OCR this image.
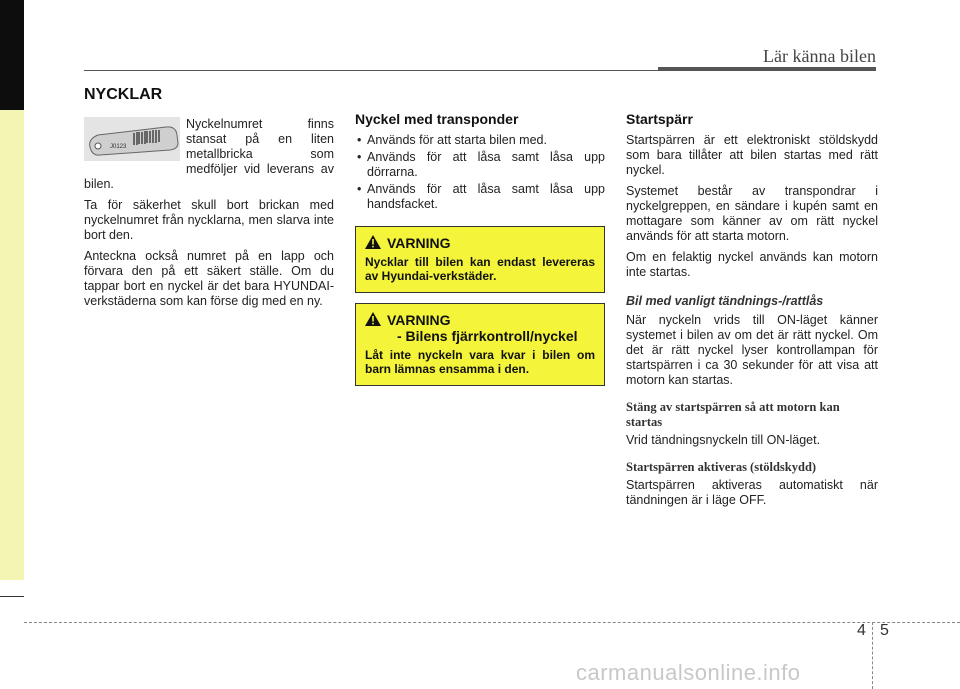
Lär känna bilen
NYCKLAR
J0123

Nyckelnumret finns stansat på en liten metallbricka som medföljer vid leverans av bilen.

Ta för säkerhet skull bort brickan med nyckelnumret från nycklarna, men slarva inte bort den.

Anteckna också numret på en lapp och förvara den på ett säkert ställe. Om du tappar bort en nyckel är det bara HYUNDAI-verkstäderna som kan förse dig med en ny.

Nyckel med transponder
• Används för att starta bilen med.
• Används för att låsa samt låsa upp dörrarna.
• Används för att låsa samt låsa upp handsfacket.
VARNING
Nycklar till bilen kan endast levereras av Hyundai-verkstäder.
VARNING
- Bilens fjärrkontroll/nyckel
Låt inte nyckeln vara kvar i bilen om barn lämnas ensamma i den.
Startspärr

Startspärren är ett elektroniskt stöldskydd som bara tillåter att bilen startas med rätt nyckel.

Systemet består av transpondrar i nyckelgreppen, en sändare i kupén samt en mottagare som känner av om rätt nyckel används för att starta motorn.

Om en felaktig nyckel används kan motorn inte startas.

Bil med vanligt tändnings-/rattlås

När nyckeln vrids till ON-läget känner systemet i bilen av om det är rätt nyckel. Om det är rätt nyckel lyser kontrollampan för startspärren i ca 30 sekunder för att visa att motorn kan startas.

Stäng av startspärren så att motorn kan startas

Vrid tändningsnyckeln till ON-läget.

Startspärren aktiveras (stöldskydd)

Startspärren aktiveras automatiskt när tändningen är i läge OFF.

4 5
carmanualsonline.info
